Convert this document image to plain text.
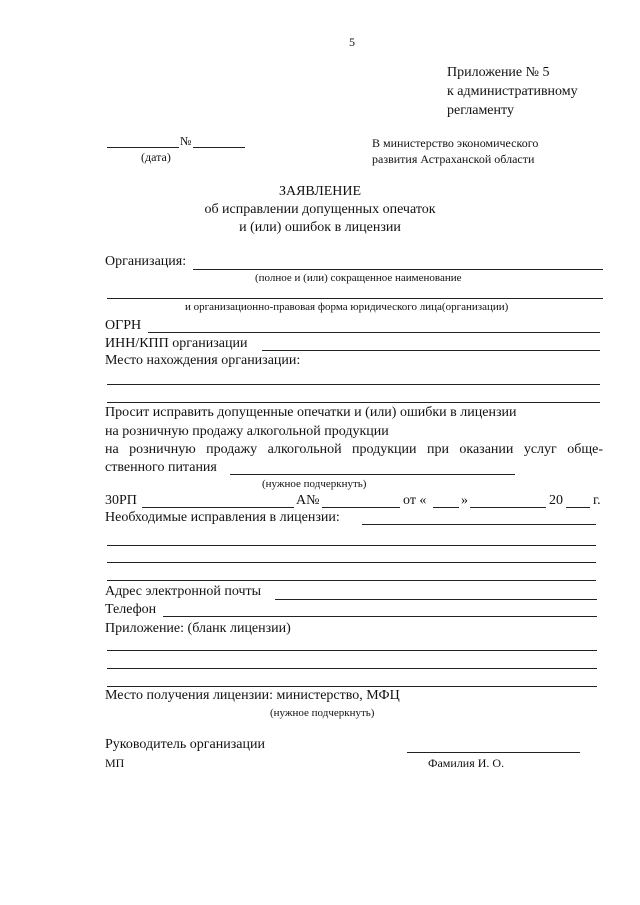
5
Приложение № 5
к административному
регламенту
№
(дата)
В министерство экономического
развития Астраханской области
ЗАЯВЛЕНИЕ
об исправлении допущенных опечаток
и (или) ошибок в лицензии
Организация:
(полное и (или) сокращенное наименование
и организационно-правовая форма юридического лица(организации)
ОГРН
ИНН/КПП организации
Место нахождения организации:
Просит исправить допущенные опечатки и (или) ошибки в лицензии
на розничную продажу алкогольной продукции
на розничную продажу алкогольной продукции при оказании услуг обще-
ственного питания
(нужное подчеркнуть)
30РП	А№	от « »	20 г.
Необходимые исправления в лицензии:
Адрес электронной почты
Телефон
Приложение: (бланк лицензии)
Место получения лицензии: министерство, МФЦ
(нужное подчеркнуть)
Руководитель организации
МП	Фамилия И. О.
